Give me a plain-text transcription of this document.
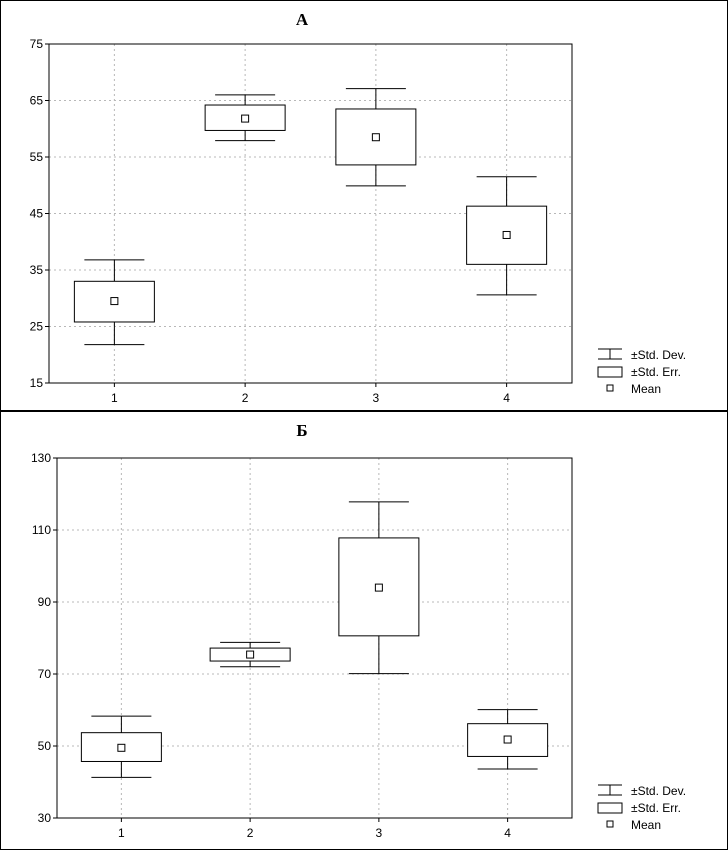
A
15
25
35
45
55
65
75
1	2	3	4
±Std. Dev.
±Std. Err.
Mean
Б
30
50
70
90
110
130
1	2	3	4
±Std. Dev.
±Std. Err.
Mean
